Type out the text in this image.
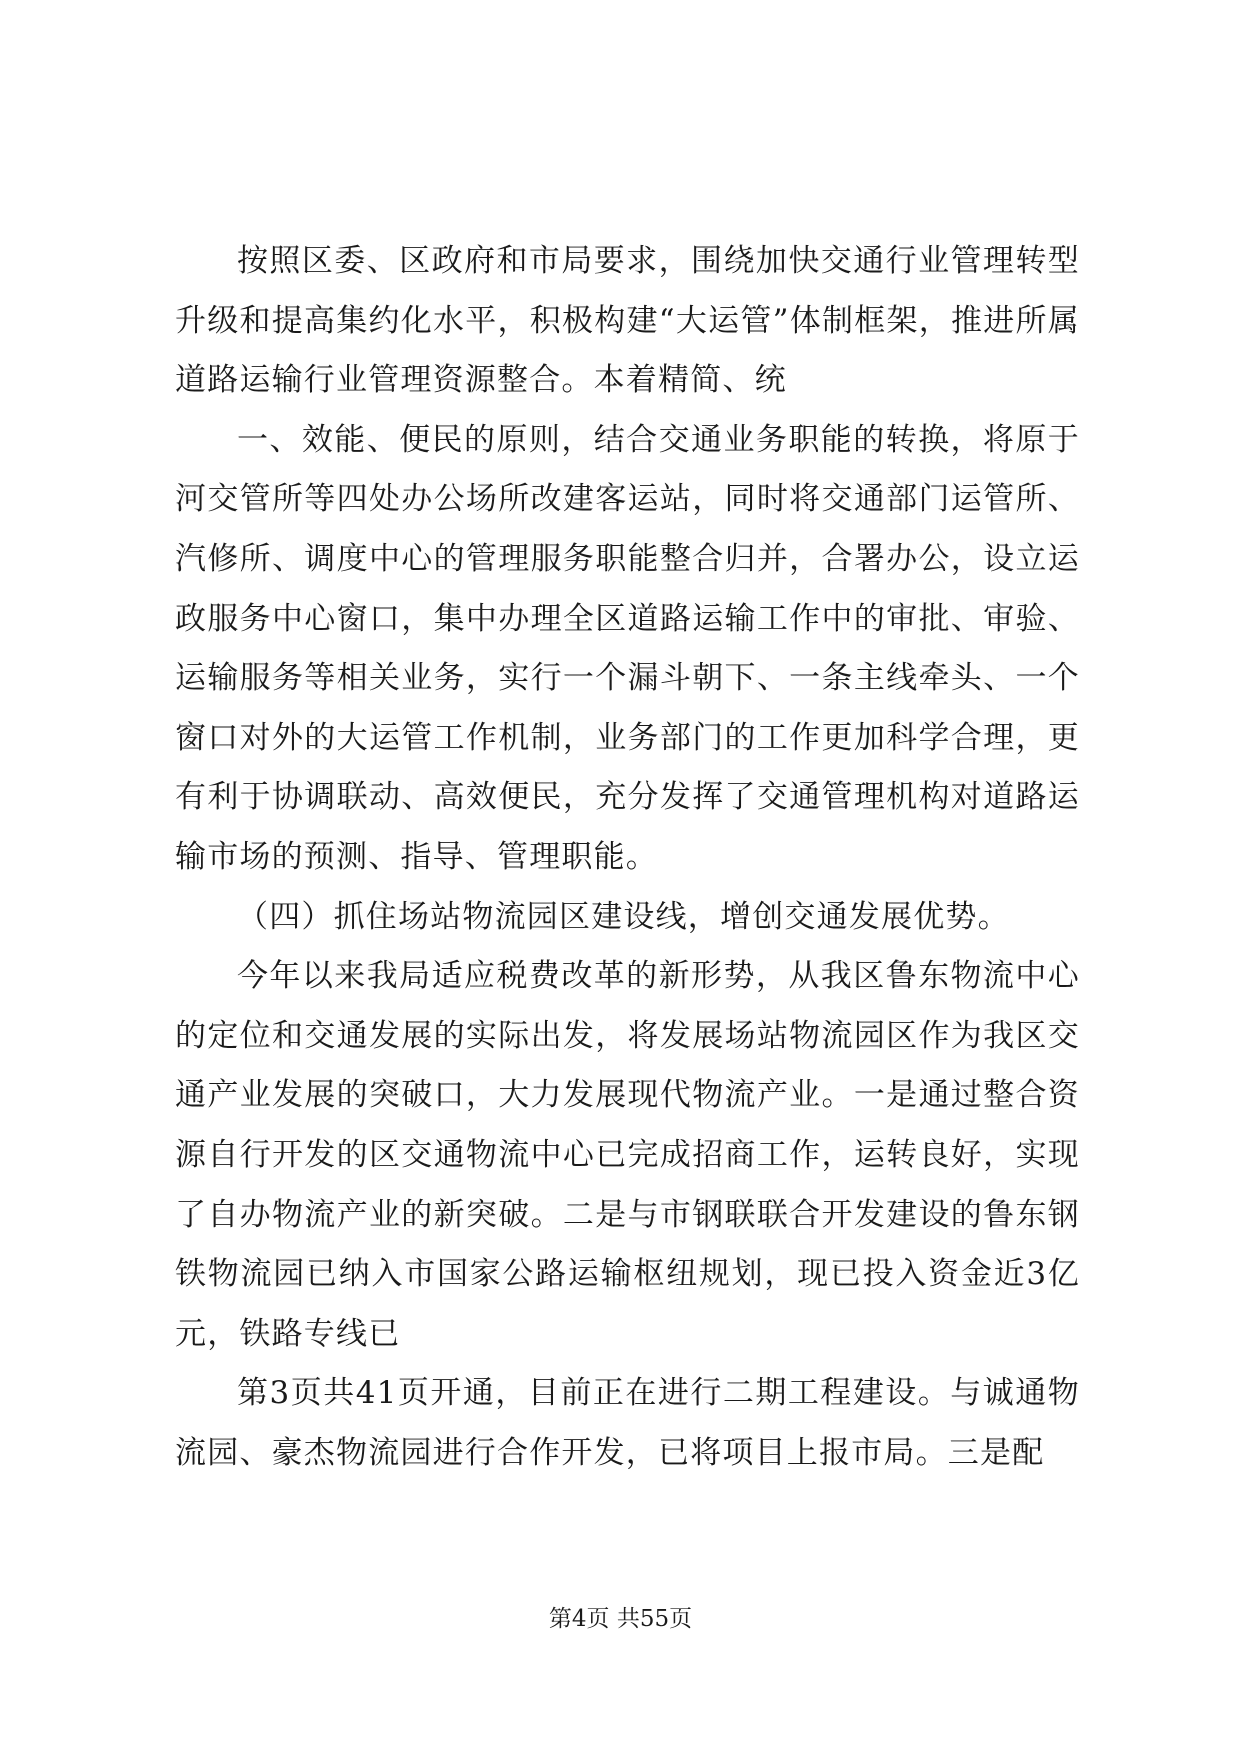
按照区委、区政府和市局要求，围绕加快交通行业管理转型升级和提高集约化水平，积极构建“大运管”体制框架，推进所属道路运输行业管理资源整合。本着精简、统

一、效能、便民的原则，结合交通业务职能的转换，将原于河交管所等四处办公场所改建客运站，同时将交通部门运管所、汽修所、调度中心的管理服务职能整合归并，合署办公，设立运政服务中心窗口，集中办理全区道路运输工作中的审批、审验、运输服务等相关业务，实行一个漏斗朝下、一条主线牵头、一个窗口对外的大运管工作机制，业务部门的工作更加科学合理，更有利于协调联动、高效便民，充分发挥了交通管理机构对道路运输市场的预测、指导、管理职能。

（四）抓住场站物流园区建设线，增创交通发展优势。

今年以来我局适应税费改革的新形势，从我区鲁东物流中心的定位和交通发展的实际出发，将发展场站物流园区作为我区交通产业发展的突破口，大力发展现代物流产业。一是通过整合资源自行开发的区交通物流中心已完成招商工作，运转良好，实现了自办物流产业的新突破。二是与市钢联联合开发建设的鲁东钢铁物流园已纳入市国家公路运输枢纽规划，现已投入资金近3亿元，铁路专线已

第3页共41页开通，目前正在进行二期工程建设。与诚通物流园、豪杰物流园进行合作开发，已将项目上报市局。三是配

第4页 共55页
